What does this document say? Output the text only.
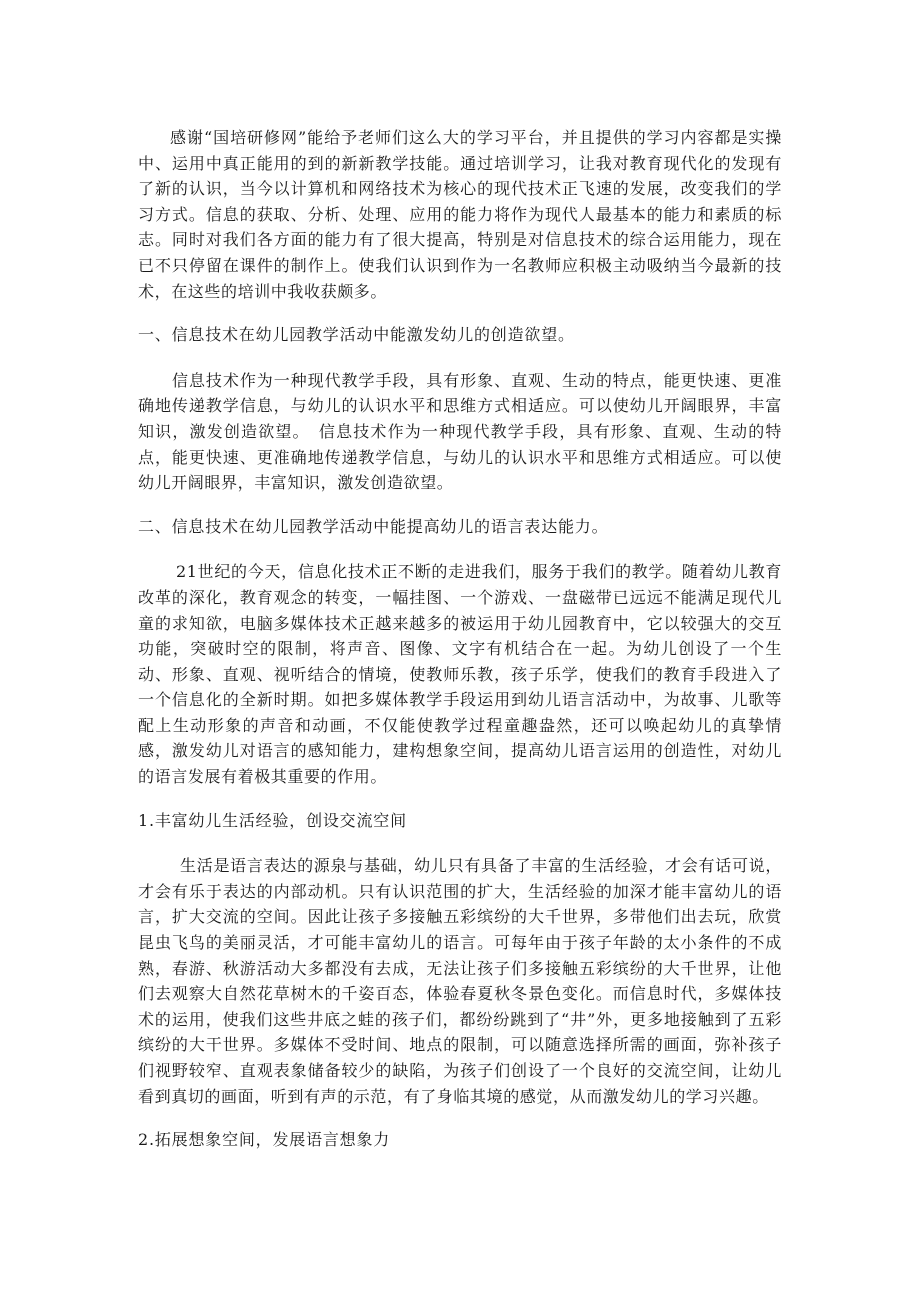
感谢“国培研修网”能给予老师们这么大的学习平台，并且提供的学习内容都是实操中、运用中真正能用的到的新新教学技能。通过培训学习，让我对教育现代化的发现有了新的认识，当今以计算机和网络技术为核心的现代技术正飞速的发展，改变我们的学习方式。信息的获取、分析、处理、应用的能力将作为现代人最基本的能力和素质的标志。同时对我们各方面的能力有了很大提高，特别是对信息技术的综合运用能力，现在已不只停留在课件的制作上。使我们认识到作为一名教师应积极主动吸纳当今最新的技术，在这些的培训中我收获颇多。

一、信息技术在幼儿园教学活动中能激发幼儿的创造欲望。

信息技术作为一种现代教学手段，具有形象、直观、生动的特点，能更快速、更准确地传递教学信息，与幼儿的认识水平和思维方式相适应。可以使幼儿开阔眼界，丰富知识，激发创造欲望。　信息技术作为一种现代教学手段，具有形象、直观、生动的特点，能更快速、更准确地传递教学信息，与幼儿的认识水平和思维方式相适应。可以使幼儿开阔眼界，丰富知识，激发创造欲望。

二、信息技术在幼儿园教学活动中能提高幼儿的语言表达能力。

21世纪的今天，信息化技术正不断的走进我们，服务于我们的教学。随着幼儿教育改革的深化，教育观念的转变，一幅挂图、一个游戏、一盘磁带已远远不能满足现代儿童的求知欲，电脑多媒体技术正越来越多的被运用于幼儿园教育中，它以较强大的交互功能，突破时空的限制，将声音、图像、文字有机结合在一起。为幼儿创设了一个生动、形象、直观、视听结合的情境，使教师乐教，孩子乐学，使我们的教育手段进入了一个信息化的全新时期。如把多媒体教学手段运用到幼儿语言活动中，为故事、儿歌等配上生动形象的声音和动画，不仅能使教学过程童趣盎然，还可以唤起幼儿的真挚情感，激发幼儿对语言的感知能力，建构想象空间，提高幼儿语言运用的创造性，对幼儿的语言发展有着极其重要的作用。

1.丰富幼儿生活经验，创设交流空间

生活是语言表达的源泉与基础，幼儿只有具备了丰富的生活经验，才会有话可说，才会有乐于表达的内部动机。只有认识范围的扩大，生活经验的加深才能丰富幼儿的语言，扩大交流的空间。因此让孩子多接触五彩缤纷的大千世界，多带他们出去玩，欣赏昆虫飞鸟的美丽灵活，才可能丰富幼儿的语言。可每年由于孩子年龄的太小条件的不成熟，春游、秋游活动大多都没有去成，无法让孩子们多接触五彩缤纷的大千世界，让他们去观察大自然花草树木的千姿百态，体验春夏秋冬景色变化。而信息时代，多媒体技术的运用，使我们这些井底之蛙的孩子们，都纷纷跳到了“井”外，更多地接触到了五彩缤纷的大干世界。多媒体不受时间、地点的限制，可以随意选择所需的画面，弥补孩子们视野较窄、直观表象储备较少的缺陷，为孩子们创设了一个良好的交流空间，让幼儿看到真切的画面，听到有声的示范，有了身临其境的感觉，从而激发幼儿的学习兴趣。

2.拓展想象空间，发展语言想象力
